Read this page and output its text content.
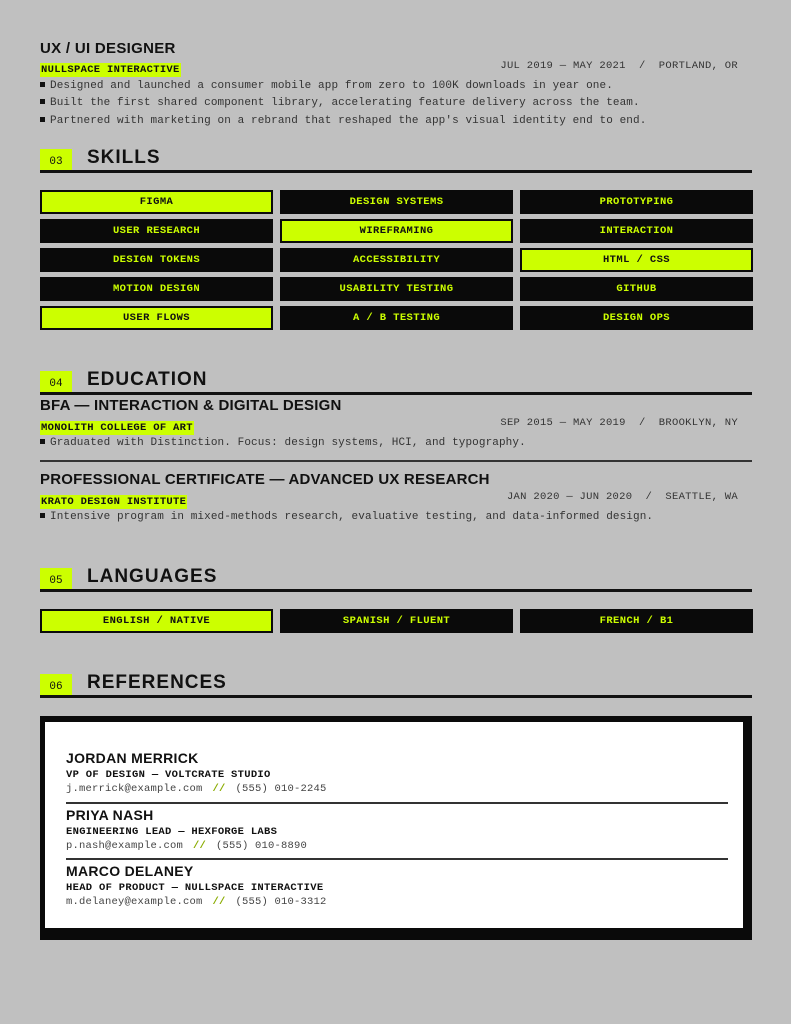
UX / UI DESIGNER
NULLSPACE INTERACTIVE	JUL 2019 — MAY 2021  /  PORTLAND, OR
Designed and launched a consumer mobile app from zero to 100K downloads in year one.
Built the first shared component library, accelerating feature delivery across the team.
Partnered with marketing on a rebrand that reshaped the app's visual identity end to end.
03	SKILLS
FIGMA	DESIGN SYSTEMS	PROTOTYPING
USER RESEARCH	WIREFRAMING	INTERACTION
DESIGN TOKENS	ACCESSIBILITY	HTML / CSS
MOTION DESIGN	USABILITY TESTING	GITHUB
USER FLOWS	A / B TESTING	DESIGN OPS
04	EDUCATION
BFA — INTERACTION & DIGITAL DESIGN
MONOLITH COLLEGE OF ART	SEP 2015 — MAY 2019  /  BROOKLYN, NY
Graduated with Distinction. Focus: design systems, HCI, and typography.
PROFESSIONAL CERTIFICATE — ADVANCED UX RESEARCH
KRATO DESIGN INSTITUTE	JAN 2020 — JUN 2020  /  SEATTLE, WA
Intensive program in mixed-methods research, evaluative testing, and data-informed design.
05	LANGUAGES
ENGLISH / NATIVE	SPANISH / FLUENT	FRENCH / B1
06	REFERENCES
JORDAN MERRICK
VP OF DESIGN — VOLTCRATE STUDIO
j.merrick@example.com // (555) 010-2245
PRIYA NASH
ENGINEERING LEAD — HEXFORGE LABS
p.nash@example.com // (555) 010-8890
MARCO DELANEY
HEAD OF PRODUCT — NULLSPACE INTERACTIVE
m.delaney@example.com // (555) 010-3312
